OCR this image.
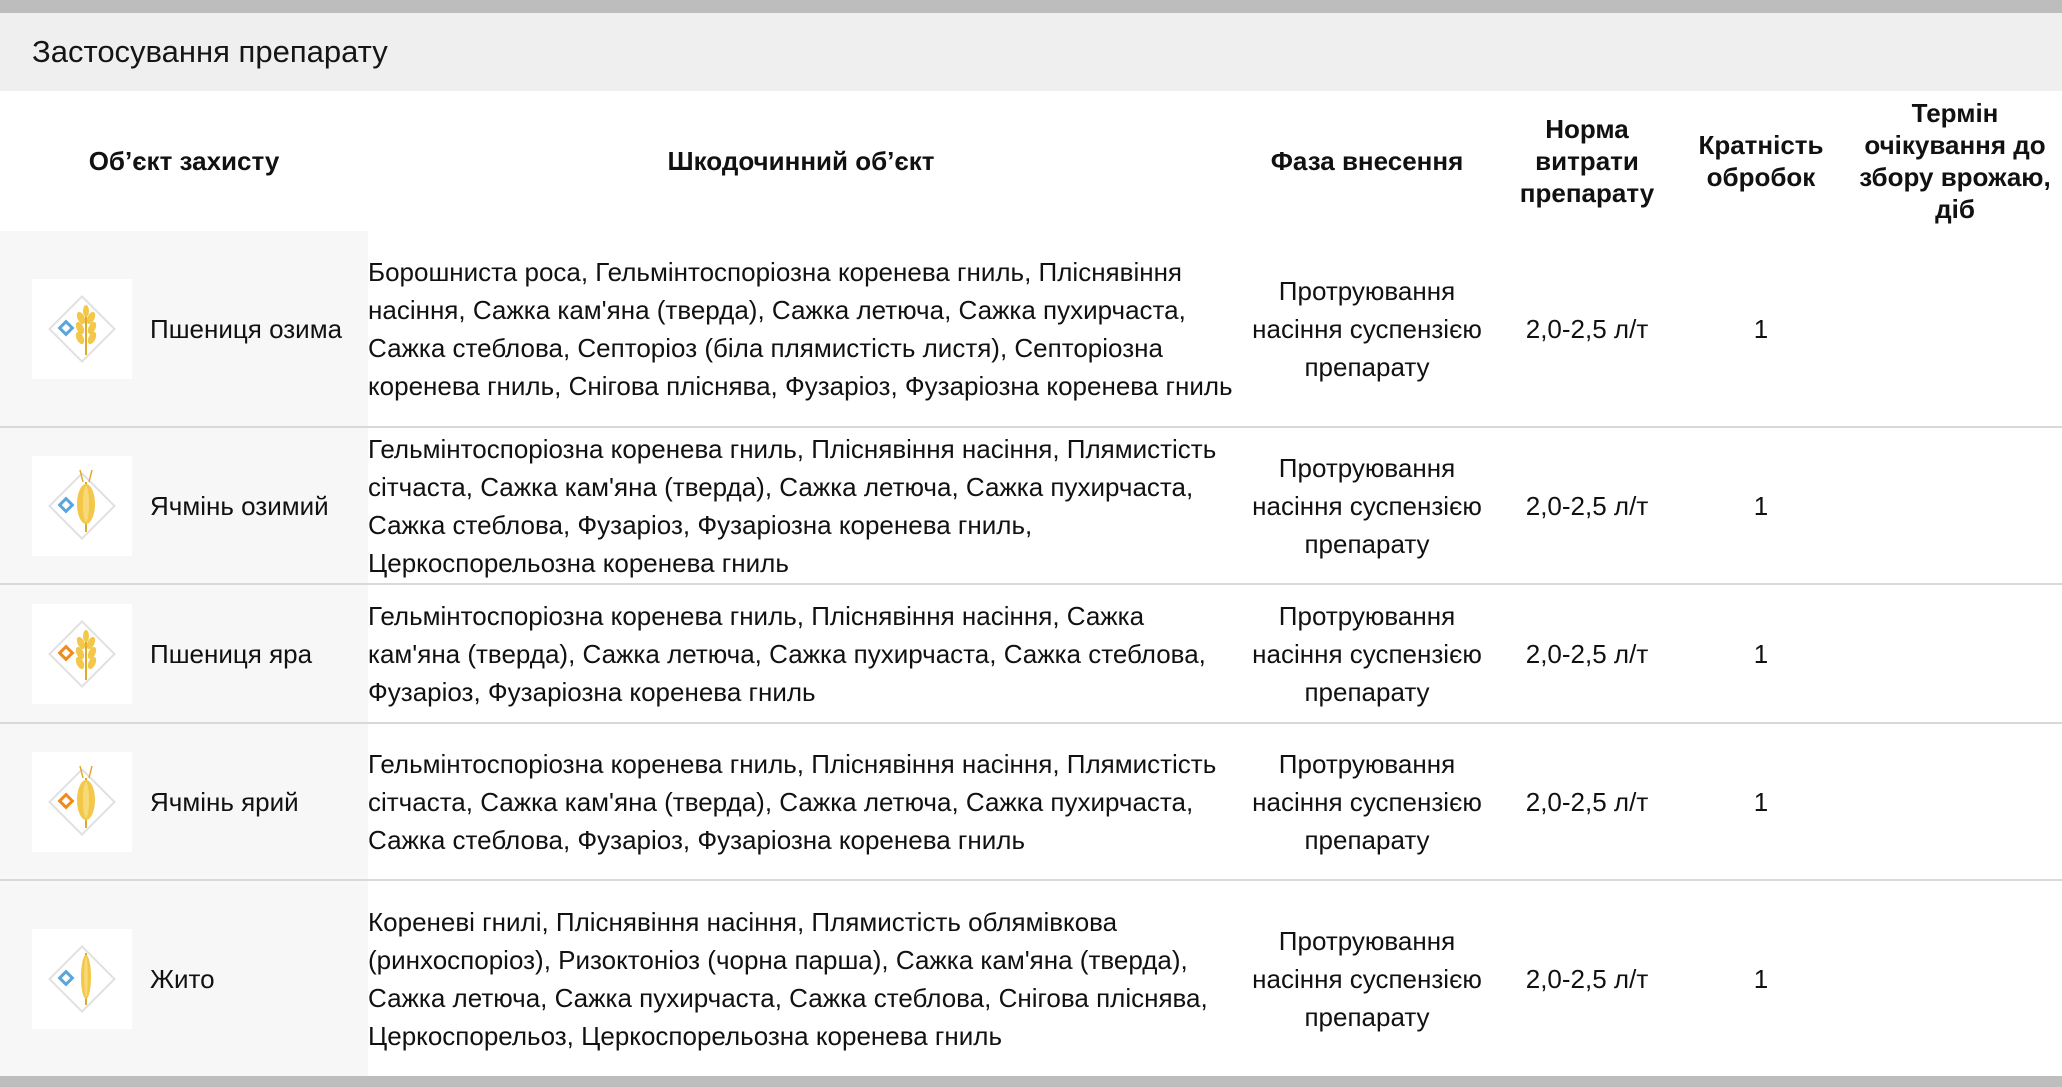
Застосування препарату
Об’єкт захисту	Шкодочинний об’єкт	Фаза внесення	Норма витрати препарату	Кратність обробок	Термін очікування до збору врожаю, діб

Пшениця озима	Борошниста роса, Гельмінтоспоріозна коренева гниль, Пліснявіння насіння, Сажка кам'яна (тверда), Сажка летюча, Сажка пухирчаста, Сажка стеблова, Септоріоз (біла плямистість листя), Септоріозна коренева гниль, Снігова пліснява, Фузаріоз, Фузаріозна коренева гниль	Протруювання насіння суспензією препарату	2,0-2,5 л/т	1	

Ячмінь озимий	Гельмінтоспоріозна коренева гниль, Пліснявіння насіння, Плямистість сітчаста, Сажка кам'яна (тверда), Сажка летюча, Сажка пухирчаста, Сажка стеблова, Фузаріоз, Фузаріозна коренева гниль, Церкоспорельозна коренева гниль	Протруювання насіння суспензією препарату	2,0-2,5 л/т	1	

Пшениця яра	Гельмінтоспоріозна коренева гниль, Пліснявіння насіння, Сажка кам'яна (тверда), Сажка летюча, Сажка пухирчаста, Сажка стеблова, Фузаріоз, Фузаріозна коренева гниль	Протруювання насіння суспензією препарату	2,0-2,5 л/т	1	

Ячмінь ярий	Гельмінтоспоріозна коренева гниль, Пліснявіння насіння, Плямистість сітчаста, Сажка кам'яна (тверда), Сажка летюча, Сажка пухирчаста, Сажка стеблова, Фузаріоз, Фузаріозна коренева гниль	Протруювання насіння суспензією препарату	2,0-2,5 л/т	1	

Жито	Кореневі гнилі, Пліснявіння насіння, Плямистість облямівкова (ринхоспоріоз), Ризоктоніоз (чорна парша), Сажка кам'яна (тверда), Сажка летюча, Сажка пухирчаста, Сажка стеблова, Снігова пліснява, Церкоспорельоз, Церкоспорельозна коренева гниль	Протруювання насіння суспензією препарату	2,0-2,5 л/т	1	
